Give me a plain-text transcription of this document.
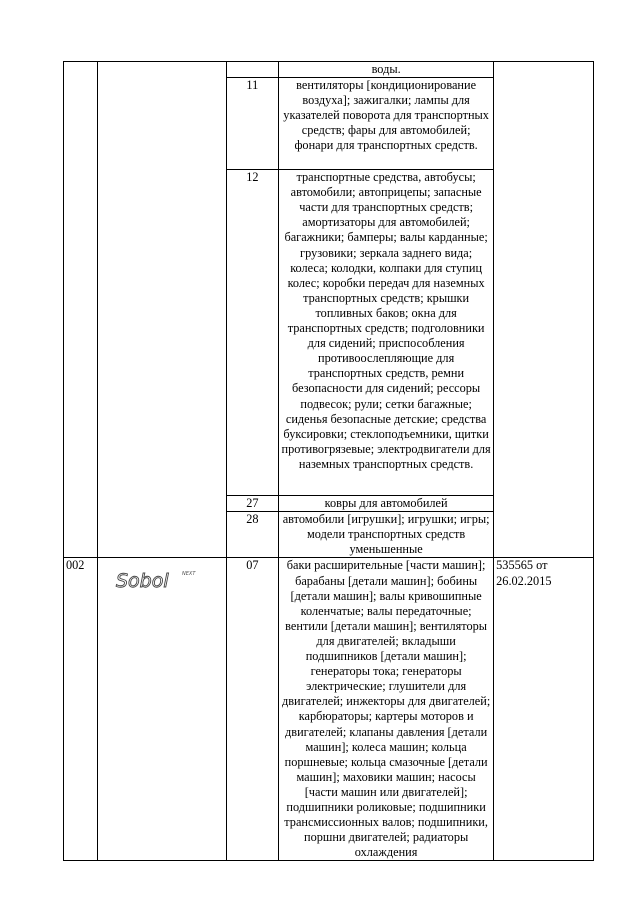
			воды.	
		11	вентиляторы [кондиционирование воздуха]; зажигалки; лампы для указателей поворота для транспортных средств; фары для автомобилей; фонари для транспортных средств.	
		12	транспортные средства, автобусы; автомобили; автоприцепы; запасные части для транспортных средств; амортизаторы для автомобилей; багажники; бамперы; валы карданные; грузовики; зеркала заднего вида; колеса; колодки, колпаки для ступиц колес; коробки передач для наземных транспортных средств; крышки топливных баков; окна для транспортных средств; подголовники для сидений; приспособления противоослепляющие для транспортных средств, ремни безопасности для сидений; рессоры подвесок; рули; сетки багажные; сиденья безопасные детские; средства буксировки; стеклоподъемники, щитки противогрязевые; электродвигатели для наземных транспортных средств.	
		27	ковры для автомобилей	
		28	автомобили [игрушки]; игрушки; игры; модели транспортных средств уменьшенные	
002	Sobol NEXT	07	баки расширительные [части машин]; барабаны [детали машин]; бобины [детали машин]; валы кривошипные коленчатые; валы передаточные; вентили [детали машин]; вентиляторы для двигателей; вкладыши подшипников [детали машин]; генераторы тока; генераторы электрические; глушители для двигателей; инжекторы для двигателей; карбюраторы; картеры моторов и двигателей; клапаны давления [детали машин]; колеса машин; кольца поршневые; кольца смазочные [детали машин]; маховики машин; насосы [части машин или двигателей]; подшипники роликовые; подшипники трансмиссионных валов; подшипники, поршни двигателей; радиаторы охлаждения	535565 от
26.02.2015
